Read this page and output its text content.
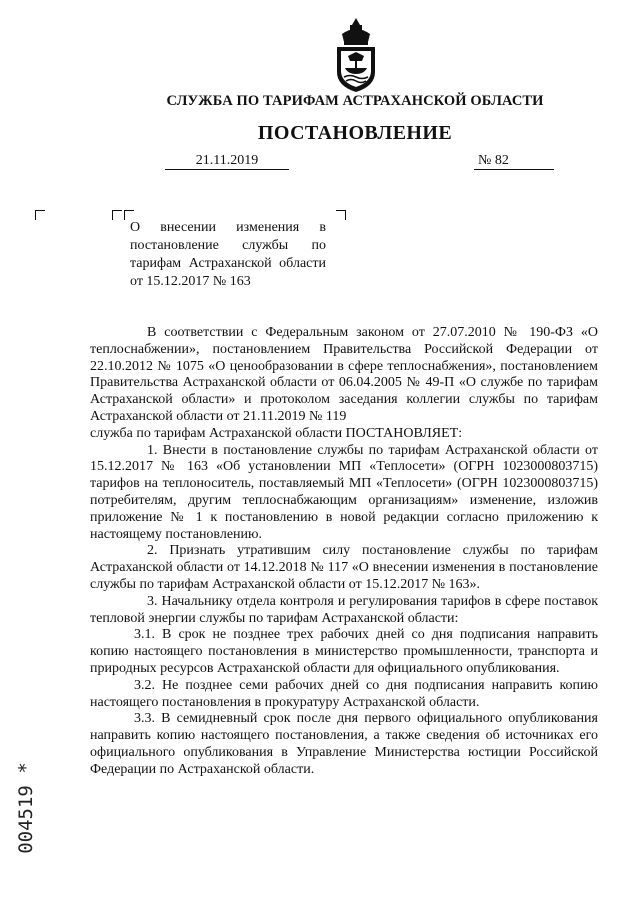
СЛУЖБА ПО ТАРИФАМ АСТРАХАНСКОЙ ОБЛАСТИ
ПОСТАНОВЛЕНИЕ
21.11.2019	№ 82
О внесении изменения в постановление службы по тарифам Астраханской области от 15.12.2017 № 163

В соответствии с Федеральным законом от 27.07.2010 № 190-ФЗ «О теплоснабжении», постановлением Правительства Российской Федерации от 22.10.2012 № 1075 «О ценообразовании в сфере теплоснабжения», постановлением Правительства Астраханской области от 06.04.2005 № 49-П «О службе по тарифам Астраханской области» и протоколом заседания коллегии службы по тарифам Астраханской области от 21.11.2019 № 119

служба по тарифам Астраханской области ПОСТАНОВЛЯЕТ:

1. Внести в постановление службы по тарифам Астраханской области от 15.12.2017 № 163 «Об установлении МП «Теплосети» (ОГРН 1023000803715) тарифов на теплоноситель, поставляемый МП «Теплосети» (ОГРН 1023000803715) потребителям, другим теплоснабжающим организациям» изменение, изложив приложение № 1 к постановлению в новой редакции согласно приложению к настоящему постановлению.

2. Признать утратившим силу постановление службы по тарифам Астраханской области от 14.12.2018 № 117 «О внесении изменения в постановление службы по тарифам Астраханской области от 15.12.2017 № 163».

3. Начальнику отдела контроля и регулирования тарифов в сфере поставок тепловой энергии службы по тарифам Астраханской области:

3.1. В срок не позднее трех рабочих дней со дня подписания направить копию настоящего постановления в министерство промышленности, транспорта и природных ресурсов Астраханской области для официального опубликования.

3.2. Не позднее семи рабочих дней со дня подписания направить копию настоящего постановления в прокуратуру Астраханской области.

3.3. В семидневный срок после дня первого официального опубликования направить копию настоящего постановления, а также сведения об источниках его официального опубликования в Управление Министерства юстиции Российской Федерации по Астраханской области.

004519 *
